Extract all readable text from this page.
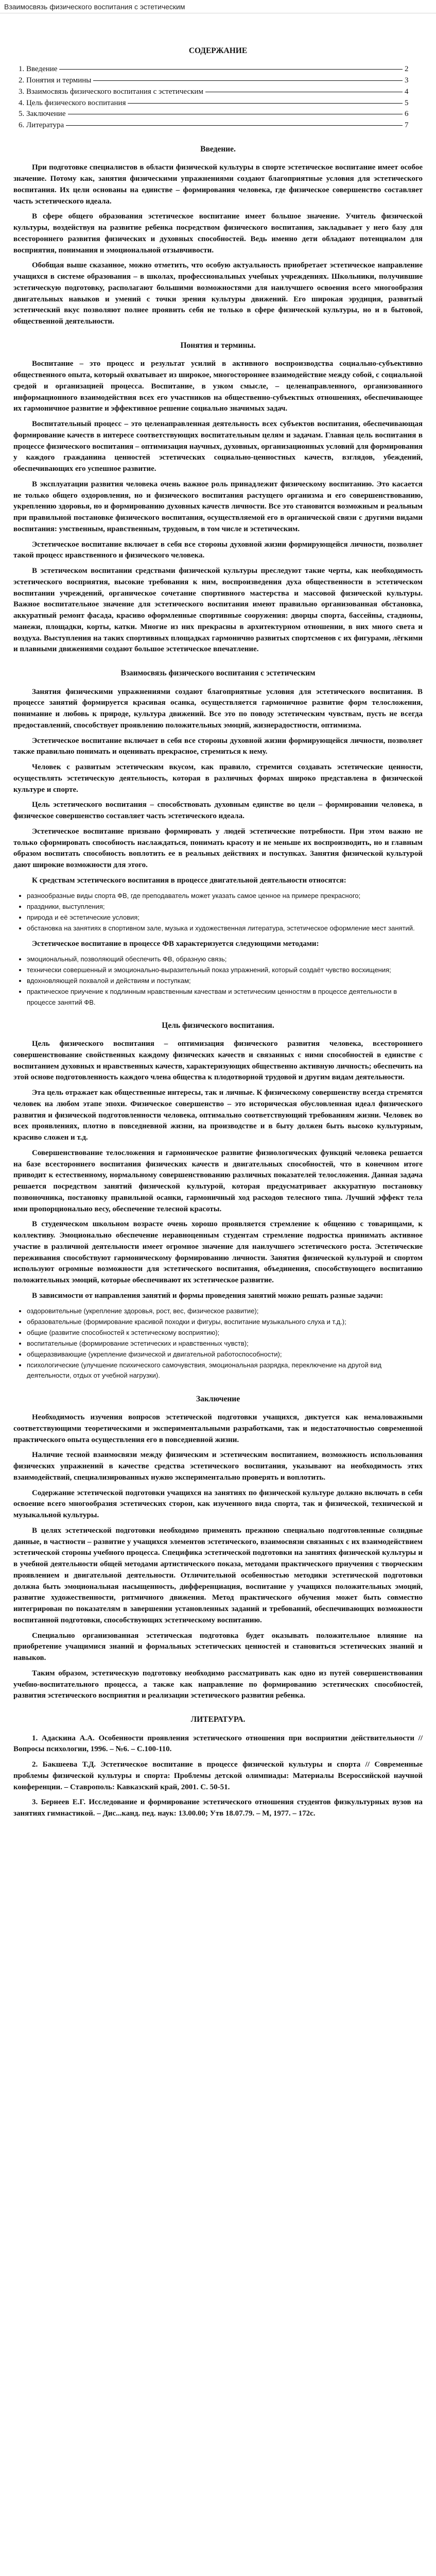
Взаимосвязь физического воспитания с эстетическим
СОДЕРЖАНИЕ
1. Введение	2
2. Понятия и термины	3
3. Взаимосвязь физического воспитания с эстетическим	4
4. Цель физического воспитания	5
5. Заключение	6
6. Литература	7
Введение.

При подготовке специалистов в области физической культуры в спорте эстетическое воспитание имеет особое значение. Потому как, занятия физическими упражнениями создают благоприятные условия для эстетического воспитания. Их цели основаны на единстве – формирования человека, где физическое совершенство составляет часть эстетического идеала.

В сфере общего образования эстетическое воспитание имеет большое значение. Учитель физической культуры, воздействуя на развитие ребенка посредством физического воспитания, закладывает у него базу для всестороннего развития физических и духовных способностей. Ведь именно дети обладают потенциалом для восприятия, понимания и эмоциональной отзывчивости.

Обобщая выше сказанное, можно отметить, что особую актуальность приобретает эстетическое направление учащихся в системе образования – в школах, профессиональных учебных учреждениях. Школьники, получившие эстетическую подготовку, располагают большими возможностями для наилучшего освоения всего многообразия двигательных навыков и умений с точки зрения культуры движений. Его широкая эрудиция, развитый эстетический вкус позволяют полнее проявить себя не только в сфере физической культуры, но и в бытовой, общественной деятельности.

Понятия и термины.

Воспитание – это процесс и результат усилий в активного воспроизводства социально-субъективно общественного опыта, который охватывает из широкое, многостороннее взаимодействие между собой, с социальной средой и организацией процесса. Воспитание, в узком смысле, – целенаправленного, организованного информационного взаимодействия всех его участников на общественно-субъектных отношениях, обеспечивающее их гармоничное развитие и эффективное решение социально значимых задач.

Воспитательный процесс – это целенаправленная деятельность всех субъектов воспитания, обеспечивающая формирование качеств в интересе соответствующих воспитательным целям и задачам. Главная цель воспитания в процессе физического воспитания – оптимизация научных, духовных, организационных условий для формирования у каждого гражданина ценностей эстетических социально-ценностных качеств, взглядов, убеждений, обеспечивающих его успешное развитие.

В эксплуатации развития человека очень важное роль принадлежит физическому воспитанию. Это касается не только общего оздоровления, но и физического воспитания растущего организма и его совершенствованию, укреплению здоровья, но и формированию духовных качеств личности. Все это становится возможным и реальным при правильной постановке физического воспитания, осуществляемой его в органической связи с другими видами воспитания: умственным, нравственным, трудовым, в том числе и эстетическим.

Эстетическое воспитание включает в себя все стороны духовной жизни формирующейся личности, позволяет такой процесс нравственного и физического человека.

В эстетическом воспитании средствами физической культуры преследуют такие черты, как необходимость эстетического восприятия, высокие требования к ним, воспроизведения духа общественности в эстетическом воспитании учреждений, органическое сочетание спортивного мастерства и массовой физической культуры. Важное воспитательное значение для эстетического воспитания имеют правильно организованная обстановка, аккуратный ремонт фасада, красиво оформленные спортивные сооружения: дворцы спорта, бассейны, стадионы, манежи, площадки, корты, катки. Многие из них прекрасны в архитектурном отношении, в них много света и воздуха. Выступления на таких спортивных площадках гармонично развитых спортсменов с их фигурами, лёгкими и плавными движениями создают большое эстетическое впечатление.

Взаимосвязь физического воспитания с эстетическим

Занятия физическими упражнениями создают благоприятные условия для эстетического воспитания. В процессе занятий формируется красивая осанка, осуществляется гармоничное развитие форм телосложения, понимание и любовь к природе, культура движений. Все это по поводу эстетическим чувствам, пусть не всегда предоставлений, способствует проявлению положительных эмоций, жизнерадостности, оптимизма.

Эстетическое воспитание включает в себя все стороны духовной жизни формирующейся личности, позволяет также правильно понимать и оценивать прекрасное, стремиться к нему.

Человек с развитым эстетическим вкусом, как правило, стремится создавать эстетические ценности, осуществлять эстетическую деятельность, которая в различных формах широко представлена в физической культуре и спорте.

Цель эстетического воспитания – способствовать духовным единстве во цели – формировании человека, в физическое совершенство составляет часть эстетического идеала.

Эстетическое воспитание призвано формировать у людей эстетические потребности. При этом важно не только сформировать способность наслаждаться, понимать красоту и не меньше их воспроизводить, но и главным образом воспитать способность воплотить ее в реальных действиях и поступках. Занятия физической культурой дают широкие возможности для этого.

К средствам эстетического воспитания в процессе двигательной деятельности относятся:

• разнообразные виды спорта ФВ, где преподаватель может указать самое ценное на примере прекрасного;
• праздники, выступления;
• природа и её эстетические условия;
• обстановка на занятиях в спортивном зале, музыка и художественная литература, эстетическое оформление мест занятий.

Эстетическое воспитание в процессе ФВ характеризуется следующими методами:

• эмоциональный, позволяющий обеспечить ФВ, образную связь;
• технически совершенный и эмоционально-выразительный показ упражнений, который создаёт чувство восхищения;
• вдохновляющей похвалой и действиям и поступкам;
• практическое приучение к подлинным нравственным качествам и эстетическим ценностям в процессе деятельности в процессе занятий ФВ.
Цель физического воспитания.

Цель физического воспитания – оптимизация физического развития человека, всестороннего совершенствование свойственных каждому физических качеств и связанных с ними способностей в единстве с воспитанием духовных и нравственных качеств, характеризующих общественно активную личность; обеспечить на этой основе подготовленность каждого члена общества к плодотворной трудовой и другим видам деятельности.

Эта цель отражает как общественные интересы, так и личные. К физическому совершенству всегда стремятся человек на любом этапе эпохи. Физическое совершенство – это историческая обусловленная идеал физического развития и физической подготовленности человека, оптимально соответствующий требованиям жизни. Человек во всех проявлениях, плотно в повседневной жизни, на производстве и в быту должен быть высоко культурным, красиво сложен и т.д.

Совершенствование телосложения и гармоническое развитие физиологических функций человека решается на базе всестороннего воспитания физических качеств и двигательных способностей, что в конечном итоге приводит к естественному, нормальному совершенствованию различных показателей телосложения. Данная задача решается посредством занятий физической культурой, которая предусматривает аккуратную постановку позвоночника, постановку правильной осанки, гармоничный ход расходов телесного типа. Лучший эффект тела ими пропорционально весу, обеспечение телесной красоты.

В студенческом школьном возрасте очень хорошо проявляется стремление к общению с товарищами, к коллективу. Эмоционально обеспечение неравноценным студентам стремление подростка принимать активное участие в различной деятельности имеет огромное значение для наилучшего эстетического роста. Эстетические переживания способствуют гармоническому формированию личности. Занятия физической культурой и спортом используют огромные возможности для эстетического воспитания, объединения, способствующего воспитанию положительных эмоций, которые обеспечивают их эстетическое развитие.

В зависимости от направления занятий и формы проведения занятий можно решать разные задачи:

• оздоровительные (укрепление здоровья, рост, вес, физическое развитие);
• образовательные (формирование красивой походки и фигуры, воспитание музыкального слуха и т.д.);
• общие (развитие способностей к эстетическому восприятию);
• воспитательные (формирование эстетических и нравственных чувств);
• общеразвивающие (укрепление физической и двигательной работоспособности);
• психологические (улучшение психического самочувствия, эмоциональная разрядка, переключение на другой вид деятельности, отдых от учебной нагрузки).
Заключение

Необходимость изучения вопросов эстетической подготовки учащихся, диктуется как немаловажными соответствующими теоретическими и экспериментальными разработками, так и недостаточностью современной практического опыта осуществления его в повседневной жизни.

Наличие тесной взаимосвязи между физическим и эстетическим воспитанием, возможность использования физических упражнений в качестве средства эстетического воспитания, указывают на необходимость этих взаимодействий, специализированных нужно экспериментально проверять и воплотить.

Содержание эстетической подготовки учащихся на занятиях по физической культуре должно включать в себя освоение всего многообразия эстетических сторон, как изученного вида спорта, так и физической, технической и музыкальной культуры.

В целях эстетической подготовки необходимо применять прежнюю специально подготовленные солидные данные, в частности – развитие у учащихся элементов эстетического, взаимосвязи связанных с их взаимодействием эстетической стороны учебного процесса. Специфика эстетической подготовки на занятиях физической культуры и в учебной деятельности общей методами артистического показа, методами практического приучения с творческим проявлением и двигательной деятельности. Отличительной особенностью методики эстетической подготовки должна быть эмоциональная насыщенность, дифференциация, воспитание у учащихся положительных эмоций, развитие художественности, ритмичного движения. Метод практического обучения может быть совместно интегрирован по показателям в завершении установленных заданий и требований, обеспечивающих возможности воспитанной подготовки, способствующих эстетическому воспитанию.

Специально организованная эстетическая подготовка будет оказывать положительное влияние на приобретение учащимися знаний и формальных эстетических ценностей и становиться эстетических знаний и навыков.

Таким образом, эстетическую подготовку необходимо рассматривать как одно из путей совершенствования учебно-воспитательного процесса, а также как направление по формированию эстетических способностей, развития эстетического восприятия и реализации эстетического развития ребенка.

ЛИТЕРАТУРА.
1. Адаскина А.А. Особенности проявления эстетического отношения при восприятии действительности // Вопросы психологии, 1996. – №6. – С.100-110.
2. Бакшеева Т.Д. Эстетическое воспитание в процессе физической культуры и спорта // Современные проблемы физической культуры и спорта: Проблемы детской олимпиады: Материалы Всероссийской научной конференции. – Ставрополь: Кавказский край, 2001. С. 50-51.
3. Бернеев Е.Г. Исследование и формирование эстетического отношения студентов физкультурных вузов на занятиях гимнастикой. – Дис...канд. пед. наук: 13.00.00; Утв 18.07.79. – М, 1977. – 172с.
